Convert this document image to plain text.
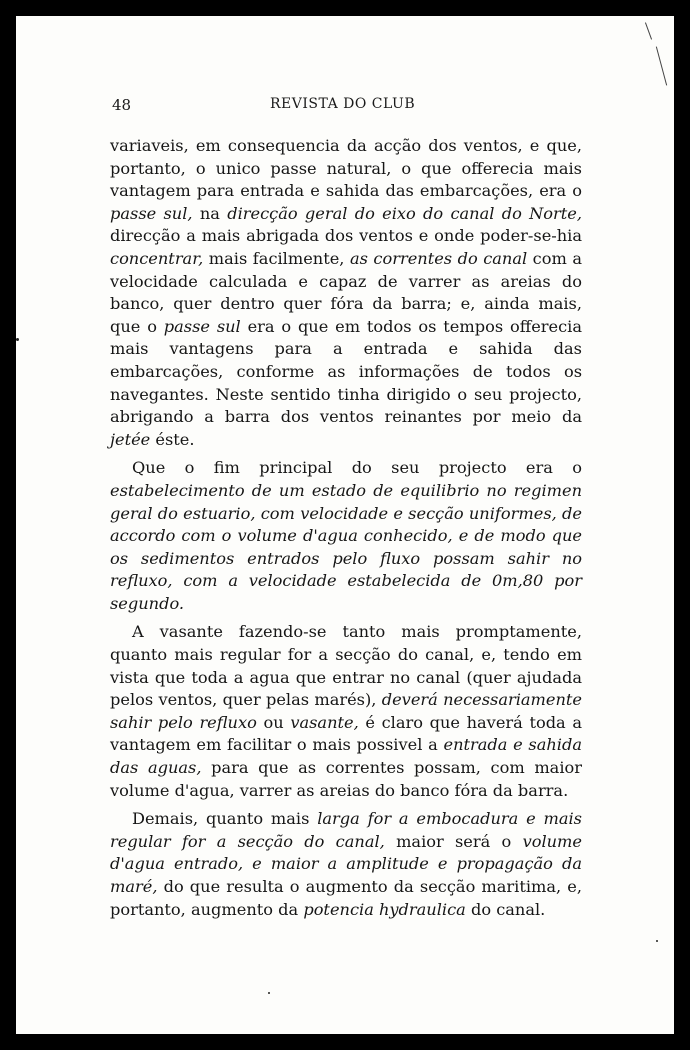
48	REVISTA DO CLUB

variaveis, em consequencia da acção dos ventos, e que, portanto, o unico passe natural, o que offerecia mais vantagem para entrada e sahida das embarcações, era o passe sul, na direcção geral do eixo do canal do Norte, direcção a mais abrigada dos ventos e onde poder-se-hia concentrar, mais facilmente, as correntes do canal com a velocidade calculada e capaz de varrer as areias do banco, quer dentro quer fóra da barra; e, ainda mais, que o passe sul era o que em todos os tempos offerecia mais vantagens para a entrada e sahida das embarcações, conforme as informações de todos os navegantes. Neste sentido tinha dirigido o seu projecto, abrigando a barra dos ventos reinantes por meio da jetée éste.

Que o fim principal do seu projecto era o estabelecimento de um estado de equilibrio no regimen geral do estuario, com velocidade e secção uniformes, de accordo com o volume d'agua conhecido, e de modo que os sedimentos entrados pelo fluxo possam sahir no refluxo, com a velocidade estabelecida de 0m,80 por segundo.

A vasante fazendo-se tanto mais promptamente, quanto mais regular for a secção do canal, e, tendo em vista que toda a agua que entrar no canal (quer ajudada pelos ventos, quer pelas marés), deverá necessariamente sahir pelo refluxo ou vasante, é claro que haverá toda a vantagem em facilitar o mais possivel a entrada e sahida das aguas, para que as correntes possam, com maior volume d'agua, varrer as areias do banco fóra da barra.

Demais, quanto mais larga for a embocadura e mais regular for a secção do canal, maior será o volume d'agua entrado, e maior a amplitude e propagação da maré, do que resulta o augmento da secção maritima, e, portanto, augmento da potencia hydraulica do canal.
